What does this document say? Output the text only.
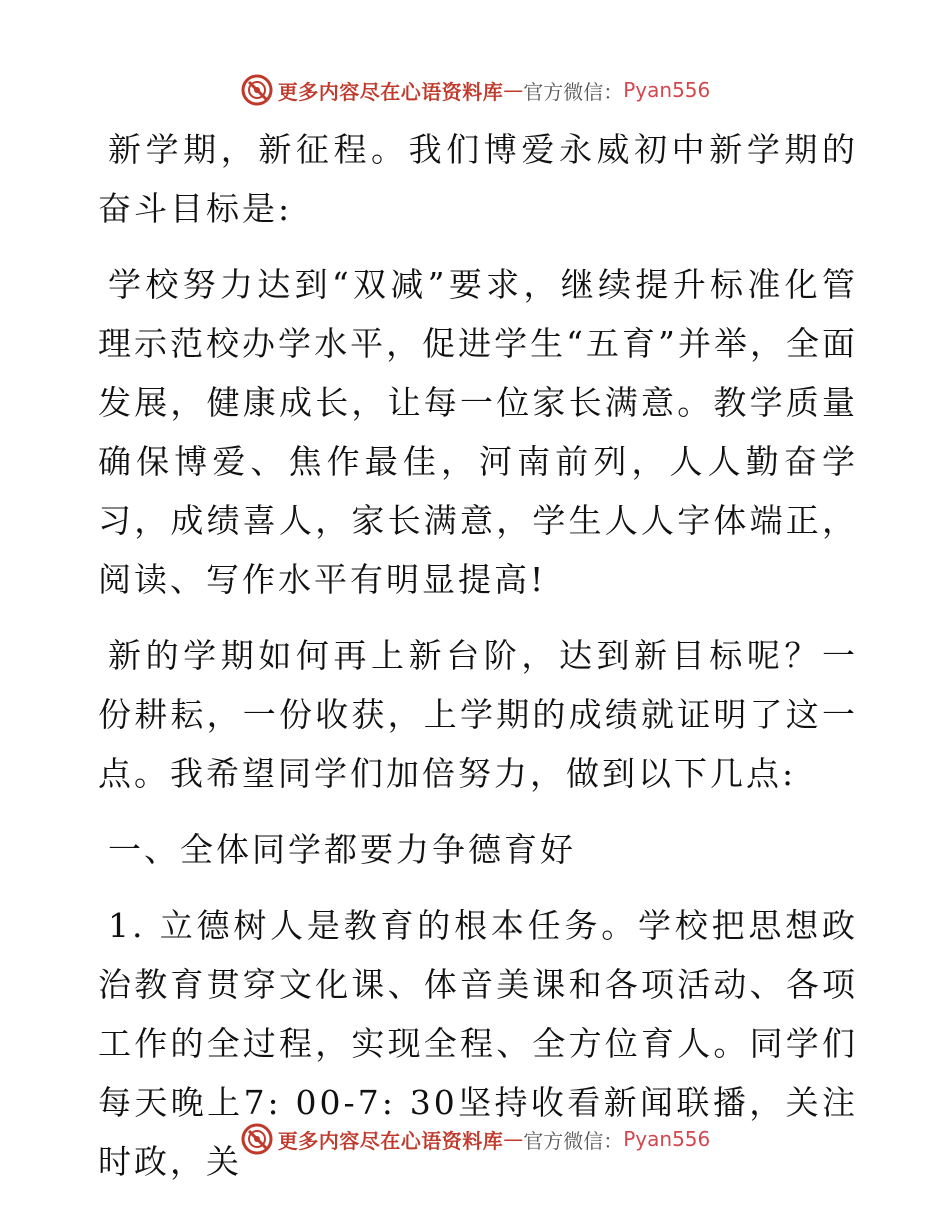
更多内容尽在心语资料库 — 官方微信： Pyan556

新学期，新征程。我们博爱永威初中新学期的奋斗目标是:

学校努力达到“双减”要求，继续提升标准化管理示范校办学水平，促进学生“五育”并举，全面发展，健康成长，让每一位家长满意。教学质量确保博爱、焦作最佳，河南前列，人人勤奋学习，成绩喜人，家长满意，学生人人字体端正，阅读、写作水平有明显提高!

新的学期如何再上新台阶，达到新目标呢？一份耕耘，一份收获，上学期的成绩就证明了这一点。我希望同学们加倍努力，做到以下几点:

一、全体同学都要力争德育好

1. 立德树人是教育的根本任务。学校把思想政治教育贯穿文化课、体音美课和各项活动、各项工作的全过程，实现全程、全方位育人。同学们每天晚上7: 00-7: 30坚持收看新闻联播，关注时政，关

更多内容尽在心语资料库 — 官方微信： Pyan556
